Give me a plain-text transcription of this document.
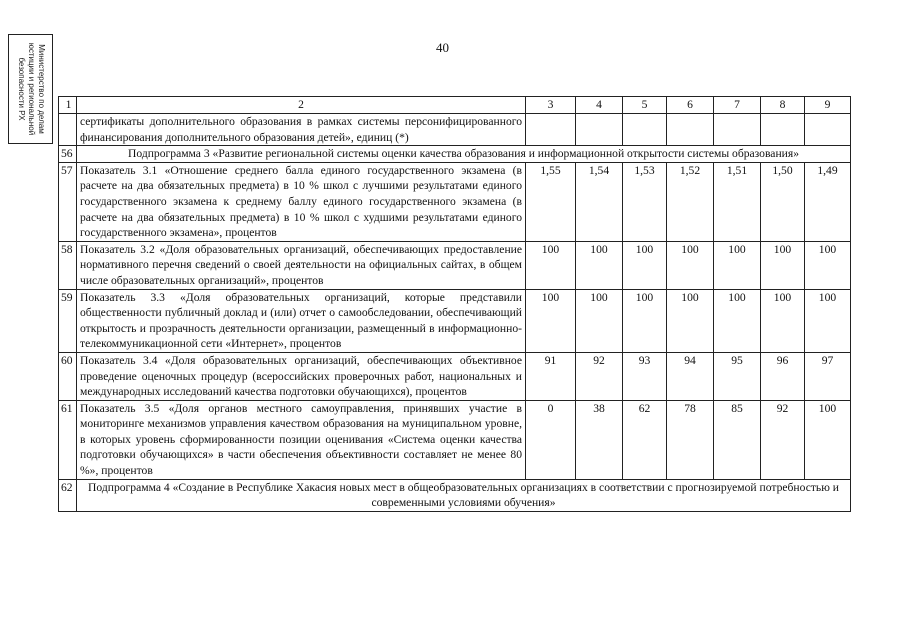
40
Министерство по делам юстиции и региональной безопасности РХ	1	2	3	4	5	6	7	8	9
	сертификаты дополнительного образования в рамках системы персонифицированного финансирования дополнительного образования детей», единиц (*)							
56	Подпрограмма 3 «Развитие региональной системы оценки качества образования и информационной открытости системы образования»							
57	Показатель 3.1 «Отношение среднего балла единого государственного экзамена (в расчете на два обязательных предмета) в 10 % школ с лучшими результатами единого государственного экзамена к среднему баллу единого государственного экзамена (в расчете на два обязательных предмета) в 10 % школ с худшими результатами единого государственного экзамена», процентов	1,55	1,54	1,53	1,52	1,51	1,50	1,49
58	Показатель 3.2 «Доля образовательных организаций, обеспечивающих предоставление нормативного перечня сведений о своей деятельности на официальных сайтах, в общем числе образовательных организаций», процентов	100	100	100	100	100	100	100
59	Показатель 3.3 «Доля образовательных организаций, которые представили общественности публичный доклад и (или) отчет о самообследовании, обеспечивающий открытость и прозрачность деятельности организации, размещенный в информационно-телекоммуникационной сети «Интернет», процентов	100	100	100	100	100	100	100
60	Показатель 3.4 «Доля образовательных организаций, обеспечивающих объективное проведение оценочных процедур (всероссийских проверочных работ, национальных и международных исследований качества подготовки обучающихся), процентов	91	92	93	94	95	96	97
61	Показатель 3.5 «Доля органов местного самоуправления, принявших участие в мониторинге механизмов управления качеством образования на муниципальном уровне, в которых уровень сформированности позиции оценивания «Система оценки качества подготовки обучающихся» в части обеспечения объективности составляет не менее 80 %», процентов	0	38	62	78	85	92	100
62	Подпрограмма 4 «Создание в Республике Хакасия новых мест в общеобразовательных организациях в соответствии с прогнозируемой потребностью и современными условиями обучения»							
